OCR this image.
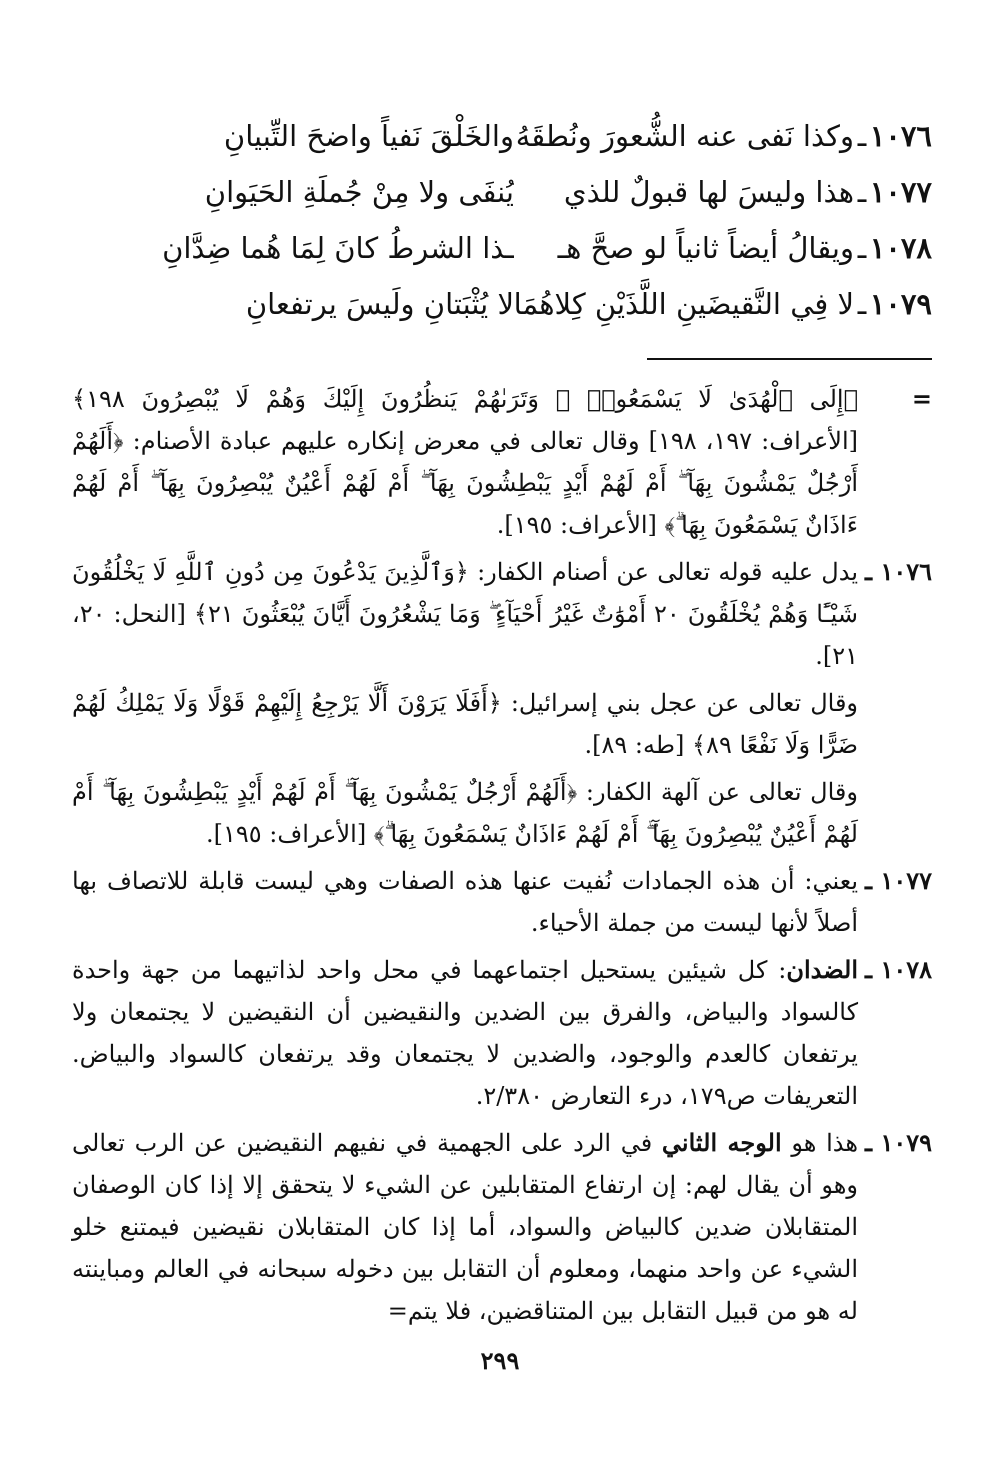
١٠٧٦
ـ
وكذا نَفى عنه الشُّعورَ ونُطقَهُ
والخَلْقَ نَفياً واضحَ التِّبيانِ
١٠٧٧
ـ
هذا وليسَ لها قبولٌ للذي
يُنفَى ولا مِنْ جُملَةِ الحَيَوانِ
١٠٧٨
ـ
ويقالُ أيضاً ثانياً لو صحَّ هـ
ـذا الشرطُ كانَ لِمَا هُما ضِدَّانِ
١٠٧٩
ـ
لا فِي النَّقيضَينِ اللَّذَيْنِ كِلاهُمَا
لا يُثْبَتانِ ولَيسَ يرتفعانِ
=
﴿إِلَى ٱلْهُدَىٰ لَا يَسْمَعُوا۟ ۖ وَتَرَىٰهُمْ يَنظُرُونَ إِلَيْكَ وَهُمْ لَا يُبْصِرُونَ ١٩٨﴾ [الأعراف: ١٩٧، ١٩٨] وقال تعالى في معرض إنكاره عليهم عبادة الأصنام: ﴿أَلَهُمْ أَرْجُلٌ يَمْشُونَ بِهَآ ۖ أَمْ لَهُمْ أَيْدٍ يَبْطِشُونَ بِهَآ ۖ أَمْ لَهُمْ أَعْيُنٌ يُبْصِرُونَ بِهَآ ۖ أَمْ لَهُمْ ءَاذَانٌ يَسْمَعُونَ بِهَا ۗ﴾ [الأعراف: ١٩٥].
١٠٧٦ ـ
يدل عليه قوله تعالى عن أصنام الكفار: ﴿وَٱلَّذِينَ يَدْعُونَ مِن دُونِ ٱللَّهِ لَا يَخْلُقُونَ شَيْـًٔا وَهُمْ يُخْلَقُونَ ٢٠ أَمْوَٰتٌ غَيْرُ أَحْيَآءٍ ۖ وَمَا يَشْعُرُونَ أَيَّانَ يُبْعَثُونَ ٢١﴾ [النحل: ٢٠، ٢١].
وقال تعالى عن عجل بني إسرائيل: ﴿أَفَلَا يَرَوْنَ أَلَّا يَرْجِعُ إِلَيْهِمْ قَوْلًا وَلَا يَمْلِكُ لَهُمْ ضَرًّا وَلَا نَفْعًا ٨٩﴾ [طه: ٨٩].
وقال تعالى عن آلهة الكفار: ﴿أَلَهُمْ أَرْجُلٌ يَمْشُونَ بِهَآ ۖ أَمْ لَهُمْ أَيْدٍ يَبْطِشُونَ بِهَآ ۖ أَمْ لَهُمْ أَعْيُنٌ يُبْصِرُونَ بِهَآ ۖ أَمْ لَهُمْ ءَاذَانٌ يَسْمَعُونَ بِهَا ۗ﴾ [الأعراف: ١٩٥].
١٠٧٧ ـ
يعني: أن هذه الجمادات نُفيت عنها هذه الصفات وهي ليست قابلة للاتصاف بها أصلاً لأنها ليست من جملة الأحياء.
١٠٧٨ ـ
الضدان: كل شيئين يستحيل اجتماعهما في محل واحد لذاتيهما من جهة واحدة كالسواد والبياض، والفرق بين الضدين والنقيضين أن النقيضين لا يجتمعان ولا يرتفعان كالعدم والوجود، والضدين لا يجتمعان وقد يرتفعان كالسواد والبياض. التعريفات ص١٧٩، درء التعارض ٢/٣٨٠.
١٠٧٩ ـ
هذا هو الوجه الثاني في الرد على الجهمية في نفيهم النقيضين عن الرب تعالى وهو أن يقال لهم: إن ارتفاع المتقابلين عن الشيء لا يتحقق إلا إذا كان الوصفان المتقابلان ضدين كالبياض والسواد، أما إذا كان المتقابلان نقيضين فيمتنع خلو الشيء عن واحد منهما، ومعلوم أن التقابل بين دخوله سبحانه في العالم ومباينته له هو من قبيل التقابل بين المتناقضين، فلا يتم=
٢٩٩
